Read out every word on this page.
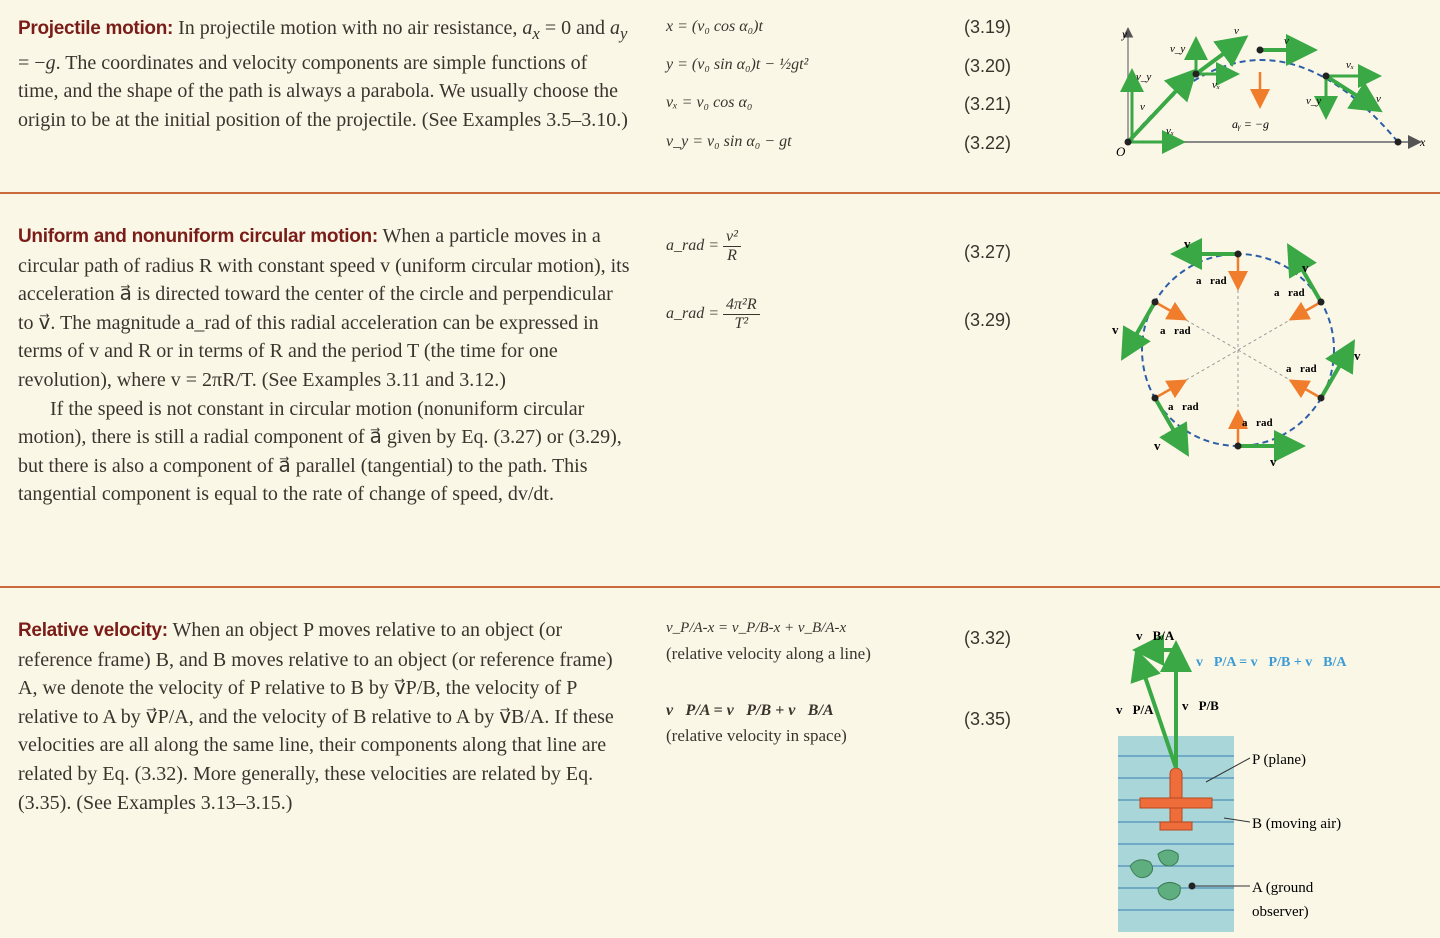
Projectile motion: In projectile motion with no air resistance, $a_x = 0$ and $a_y = -g$. The coordinates and velocity components are simple functions of time, and the shape of the path is always a parabola. We usually choose the origin to be at the initial position of the projectile. (See Examples 3.5–3.10.)

x = (v₀ cos α₀)t	(3.19)
y = (v₀ sin α₀)t − ½gt²	(3.20)
vₓ = v₀ cos α₀	(3.21)
v_y = v₀ sin α₀ − gt	(3.22)
y
x
O
v
v_y
vₓ
v_y
vₓ
v
v
vₓ
v_y	v
aᵧ = −g

Uniform and nonuniform circular motion: When a particle moves in a circular path of radius R with constant speed v (uniform circular motion), its acceleration a⃗ is directed toward the center of the circle and perpendicular to v⃗. The magnitude a_rad of this radial acceleration can be expressed in terms of v and R or in terms of R and the period T (the time for one revolution), where v = 2πR/T. (See Examples 3.11 and 3.12.)

If the speed is not constant in circular motion (nonuniform circular motion), there is still a radial component of a⃗ given by Eq. (3.27) or (3.29), but there is also a component of a⃗ parallel (tangential) to the path. This tangential component is equal to the rate of change of speed, dv/dt.

a_rad = $\frac{\text{v²}}{R}$	(3.27)
a_rad = $\frac{\text{4π²R}}{\text{T²}}$	(3.29)
v⃗
v⃗
v⃗
v⃗
v⃗
v⃗
a⃗rad
a⃗rad
a⃗rad
a⃗rad
a⃗rad
a⃗rad

Relative velocity: When an object P moves relative to an object (or reference frame) B, and B moves relative to an object (or reference frame) A, we denote the velocity of P relative to B by v⃗P/B, the velocity of P relative to A by v⃗P/A, and the velocity of B relative to A by v⃗B/A. If these velocities are all along the same line, their components along that line are related by Eq. (3.32). More generally, these velocities are related by Eq. (3.35). (See Examples 3.13–3.15.)

v_P/A-x = v_P/B-x + v_B/A-x
(relative velocity along a line)
(3.32)
v⃗P/A = v⃗P/B + v⃗B/A
(relative velocity in space)
(3.35)
v⃗B/A
v⃗P/A v⃗P/B
v⃗P/A = v⃗P/B + v⃗B/A
P (plane)
B (moving air)
A (ground
observer)
